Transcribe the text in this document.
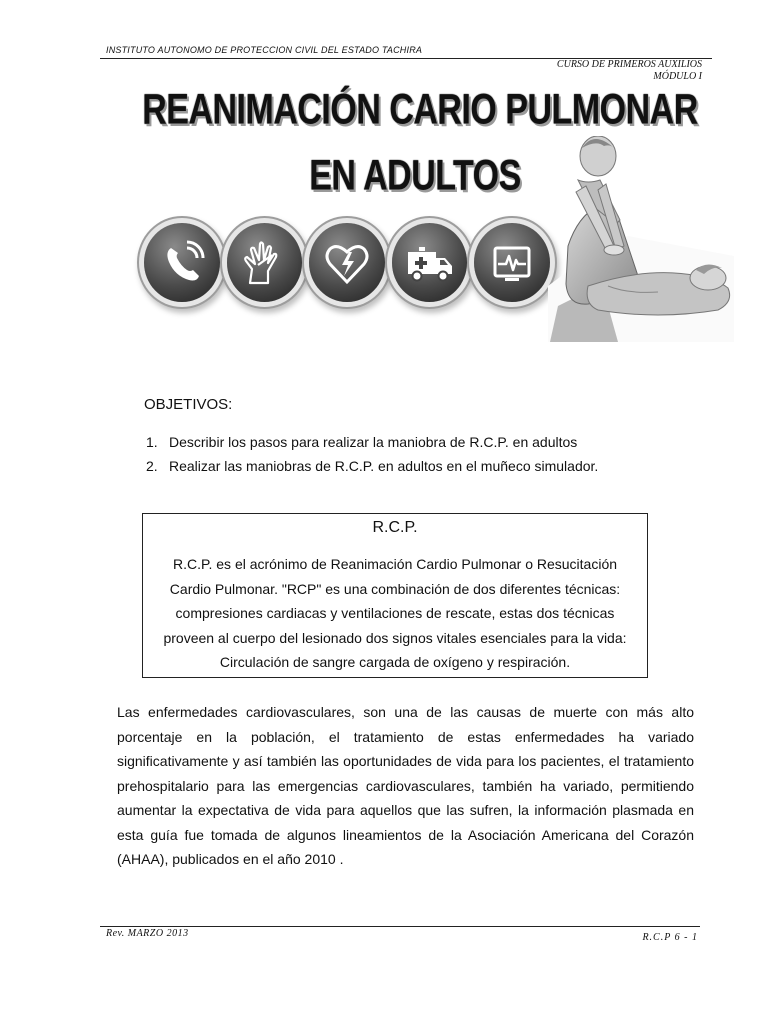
INSTITUTO AUTONOMO DE PROTECCION CIVIL DEL ESTADO TACHIRA
CURSO DE PRIMEROS AUXILIOS
MÓDULO I
REANIMACIÓN CARIO PULMONAR
EN ADULTOS
OBJETIVOS:
1. Describir los pasos para realizar la maniobra de R.C.P. en adultos
2. Realizar las maniobras de R.C.P. en adultos en el muñeco simulador.
R.C.P.
R.C.P. es el acrónimo de Reanimación Cardio Pulmonar o Resucitación Cardio Pulmonar. "RCP" es una combinación de dos diferentes técnicas: compresiones cardiacas y ventilaciones de rescate, estas dos técnicas proveen al cuerpo del lesionado dos signos vitales esenciales para la vida: Circulación de sangre cargada de oxígeno y respiración.

Las enfermedades cardiovasculares, son una de las causas de muerte con más alto porcentaje en la población, el tratamiento de estas enfermedades ha variado significativamente y así también las oportunidades de vida para los pacientes, el tratamiento prehospitalario para las emergencias cardiovasculares, también ha variado, permitiendo aumentar la expectativa de vida para aquellos que las sufren, la información plasmada en esta guía fue tomada de algunos lineamientos de la Asociación Americana del Corazón (AHAA), publicados en el año 2010 .

Rev. MARZO 2013	R.C.P 6 - 1
